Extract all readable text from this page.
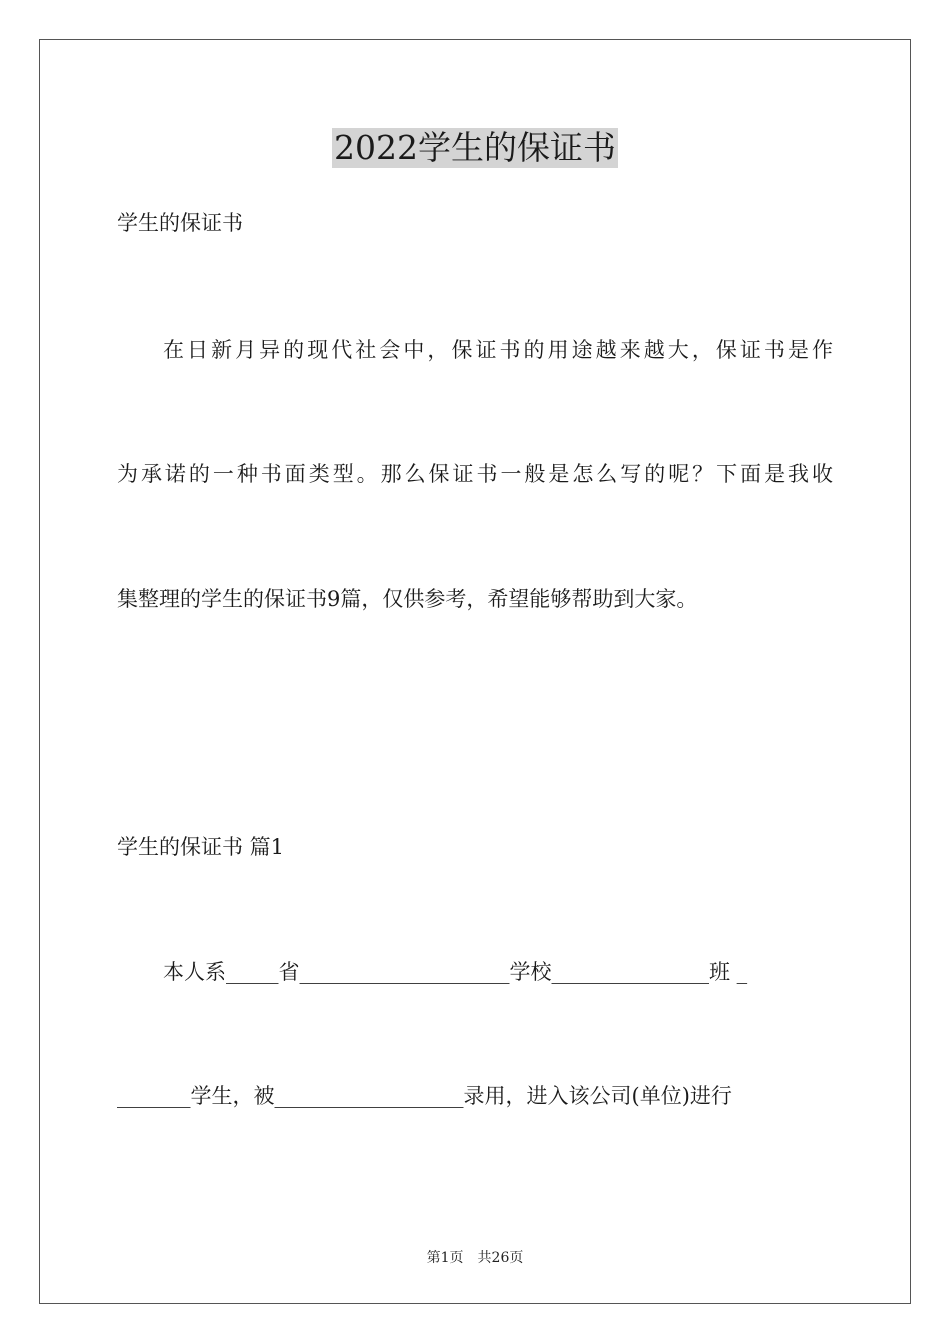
2022学生的保证书

学生的保证书

在日新月异的现代社会中，保证书的用途越来越大，保证书是作

为承诺的一种书面类型。那么保证书一般是怎么写的呢？下面是我收

集整理的学生的保证书9篇，仅供参考，希望能够帮助到大家。

学生的保证书 篇1

本人系_____省____________________学校_______________班 _

_______学生，被__________________录用，进入该公司(单位)进行

第1页 共26页
